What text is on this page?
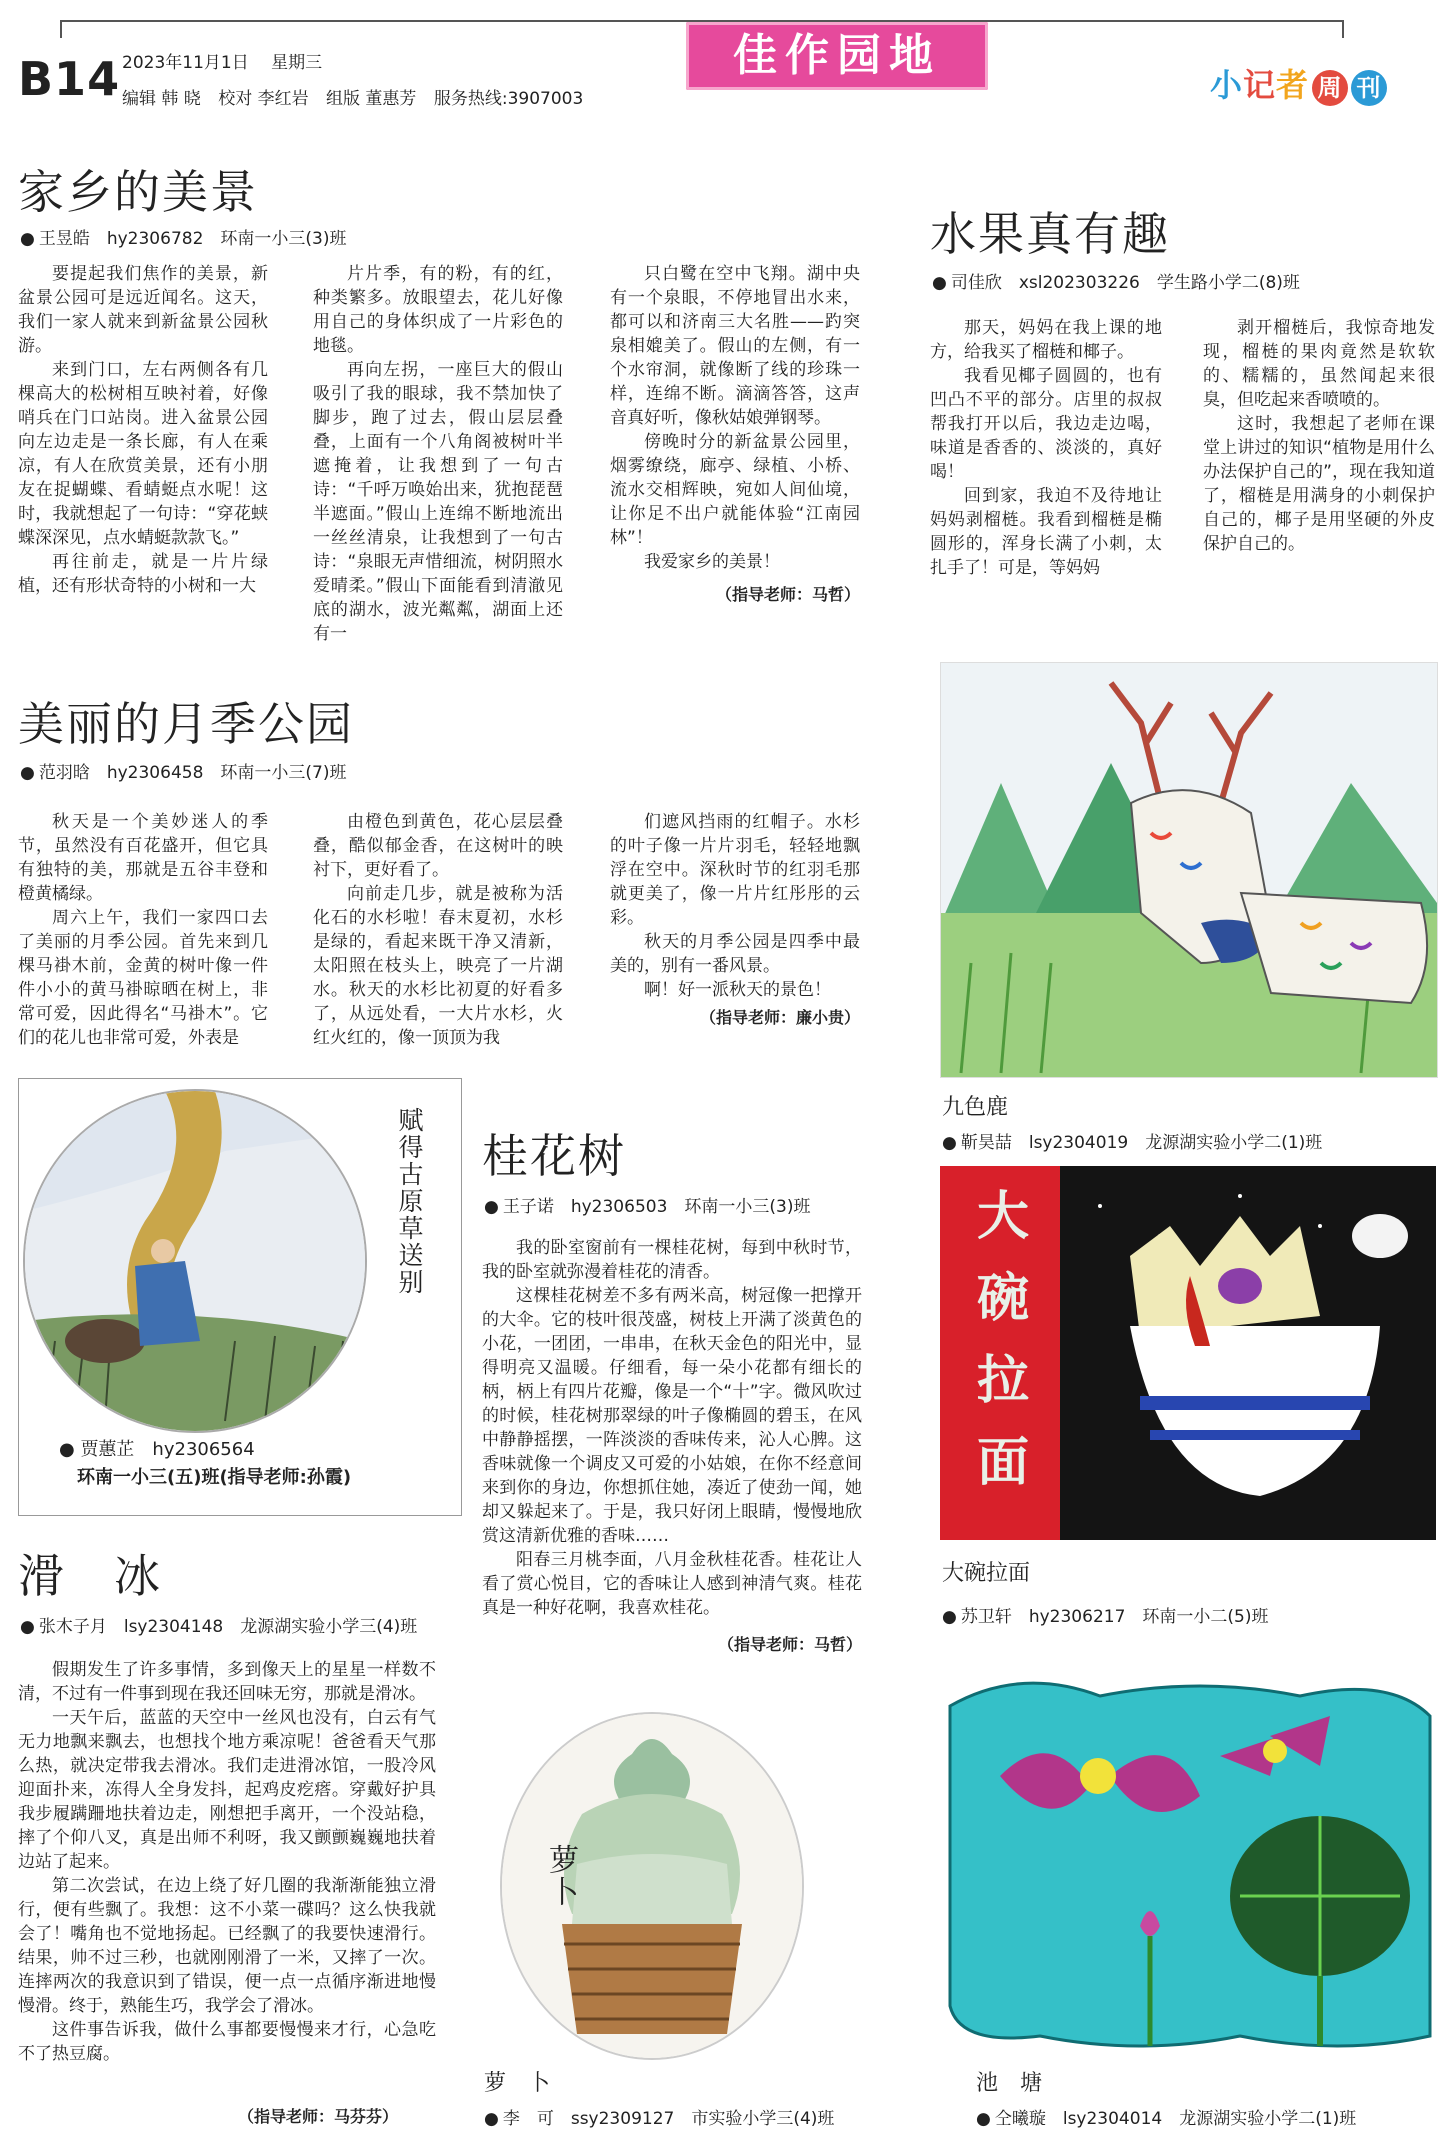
B14 2023年11月1日　 星期三
编辑 韩 晓 校对 李红岩 组版 董惠芳 服务热线:3907003
佳作园地
小记者 周 刊
家乡的美景
● 王昱皓　hy2306782　环南一小三(3)班

要提起我们焦作的美景，新盆景公园可是远近闻名。这天，我们一家人就来到新盆景公园秋游。

来到门口，左右两侧各有几棵高大的松树相互映衬着，好像哨兵在门口站岗。进入盆景公园向左边走是一条长廊，有人在乘凉，有人在欣赏美景，还有小朋友在捉蝴蝶、看蜻蜓点水呢！这时，我就想起了一句诗：“穿花蛱蝶深深见，点水蜻蜓款款飞。”

再往前走，就是一片片绿植，还有形状奇特的小树和一大

片片季，有的粉，有的红，种类繁多。放眼望去，花儿好像用自己的身体织成了一片彩色的地毯。

再向左拐，一座巨大的假山吸引了我的眼球，我不禁加快了脚步，跑了过去，假山层层叠叠，上面有一个八角阁被树叶半遮掩着，让我想到了一句古诗：“千呼万唤始出来，犹抱琵琶半遮面。”假山上连绵不断地流出一丝丝清泉，让我想到了一句古诗：“泉眼无声惜细流，树阴照水爱晴柔。”假山下面能看到清澈见底的湖水，波光粼粼，湖面上还有一

只白鹭在空中飞翔。湖中央有一个泉眼，不停地冒出水来，都可以和济南三大名胜——趵突泉相媲美了。假山的左侧，有一个水帘洞，就像断了线的珍珠一样，连绵不断。滴滴答答，这声音真好听，像秋姑娘弹钢琴。

傍晚时分的新盆景公园里，烟雾缭绕，廊亭、绿植、小桥、流水交相辉映，宛如人间仙境，让你足不出户就能体验“江南园林”！

我爱家乡的美景！

（指导老师：马哲）
水果真有趣
● 司佳欣　xsl202303226　学生路小学二(8)班

那天，妈妈在我上课的地方，给我买了榴梿和椰子。

我看见椰子圆圆的，也有凹凸不平的部分。店里的叔叔帮我打开以后，我边走边喝，味道是香香的、淡淡的，真好喝！

回到家，我迫不及待地让妈妈剥榴梿。我看到榴梿是椭圆形的，浑身长满了小刺，太扎手了！可是，等妈妈

剥开榴梿后，我惊奇地发现，榴梿的果肉竟然是软软的、糯糯的，虽然闻起来很臭，但吃起来香喷喷的。

这时，我想起了老师在课堂上讲过的知识“植物是用什么办法保护自己的”，现在我知道了，榴梿是用满身的小刺保护自己的，椰子是用坚硬的外皮保护自己的。

美丽的月季公园
● 范羽晗　hy2306458　环南一小三(7)班

秋天是一个美妙迷人的季节，虽然没有百花盛开，但它具有独特的美，那就是五谷丰登和橙黄橘绿。

周六上午，我们一家四口去了美丽的月季公园。首先来到几棵马褂木前，金黄的树叶像一件件小小的黄马褂晾晒在树上，非常可爱，因此得名“马褂木”。它们的花儿也非常可爱，外表是

由橙色到黄色，花心层层叠叠，酷似郁金香，在这树叶的映衬下，更好看了。

向前走几步，就是被称为活化石的水杉啦！春末夏初，水杉是绿的，看起来既干净又清新，太阳照在枝头上，映亮了一片湖水。秋天的水杉比初夏的好看多了，从远处看，一大片水杉，火红火红的，像一顶顶为我

们遮风挡雨的红帽子。水杉的叶子像一片片羽毛，轻轻地飘浮在空中。深秋时节的红羽毛那就更美了，像一片片红彤彤的云彩。

秋天的月季公园是四季中最美的，别有一番风景。

啊！好一派秋天的景色！

（指导老师：廉小贵）
赋得古原草送别
● 贾蕙芷　hy2306564
环南一小三(五)班(指导老师:孙霞)
桂花树
● 王子诺　hy2306503　环南一小三(3)班

我的卧室窗前有一棵桂花树，每到中秋时节，我的卧室就弥漫着桂花的清香。

这棵桂花树差不多有两米高，树冠像一把撑开的大伞。它的枝叶很茂盛，树枝上开满了淡黄色的小花，一团团，一串串，在秋天金色的阳光中，显得明亮又温暖。仔细看，每一朵小花都有细长的柄，柄上有四片花瓣，像是一个“十”字。微风吹过的时候，桂花树那翠绿的叶子像椭圆的碧玉，在风中静静摇摆，一阵淡淡的香味传来，沁人心脾。这香味就像一个调皮又可爱的小姑娘，在你不经意间来到你的身边，你想抓住她，凑近了使劲一闻，她却又躲起来了。于是，我只好闭上眼睛，慢慢地欣赏这清新优雅的香味……

阳春三月桃李面，八月金秋桂花香。桂花让人看了赏心悦目，它的香味让人感到神清气爽。桂花真是一种好花啊，我喜欢桂花。

（指导老师：马哲）
滑　冰
● 张木子月　lsy2304148　龙源湖实验小学三(4)班

假期发生了许多事情，多到像天上的星星一样数不清，不过有一件事到现在我还回味无穷，那就是滑冰。

一天午后，蓝蓝的天空中一丝风也没有，白云有气无力地飘来飘去，也想找个地方乘凉呢！爸爸看天气那么热，就决定带我去滑冰。我们走进滑冰馆，一股冷风迎面扑来，冻得人全身发抖，起鸡皮疙瘩。穿戴好护具我步履蹒跚地扶着边走，刚想把手离开，一个没站稳，摔了个仰八叉，真是出师不利呀，我又颤颤巍巍地扶着边站了起来。

第二次尝试，在边上绕了好几圈的我渐渐能独立滑行，便有些飘了。我想：这不小菜一碟吗？这么快我就会了！嘴角也不觉地扬起。已经飘了的我要快速滑行。结果，帅不过三秒，也就刚刚滑了一米，又摔了一次。连摔两次的我意识到了错误，便一点一点循序渐进地慢慢滑。终于，熟能生巧，我学会了滑冰。

这件事告诉我，做什么事都要慢慢来才行，心急吃不了热豆腐。

（指导老师：马芬芬）
萝卜
萝　卜
● 李　可　ssy2309127　市实验小学三(4)班
九色鹿
● 靳昊喆　lsy2304019　龙源湖实验小学二(1)班
大
碗
拉
面
大碗拉面
● 苏卫轩　hy2306217　环南一小二(5)班
池　塘
● 仝曦璇　lsy2304014　龙源湖实验小学二(1)班
